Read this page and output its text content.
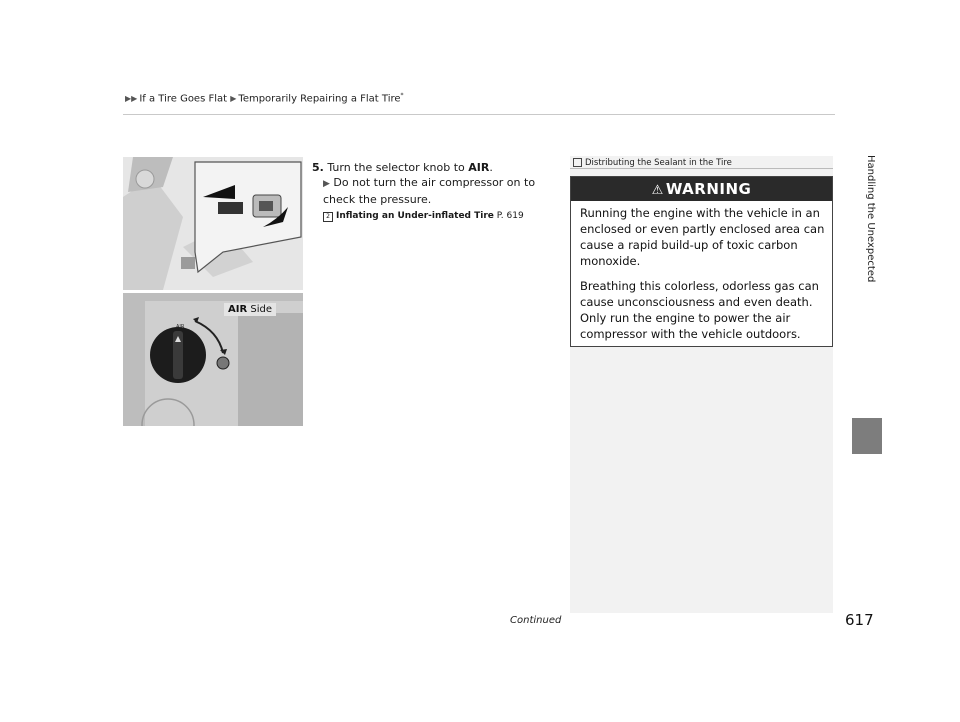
▶▶ If a Tire Goes Flat ▶ Temporarily Repairing a Flat Tire*
Handling the Unexpected
AIR
AIR Side
5. Turn the selector knob to AIR.
▶ Do not turn the air compressor on to check the pressure.
2 Inflating an Under-inflated Tire P. 619
Distributing the Sealant in the Tire
⚠ WARNING
Running the engine with the vehicle in an enclosed or even partly enclosed area can cause a rapid build-up of toxic carbon monoxide.
Breathing this colorless, odorless gas can cause unconsciousness and even death. Only run the engine to power the air compressor with the vehicle outdoors.
Continued	617
